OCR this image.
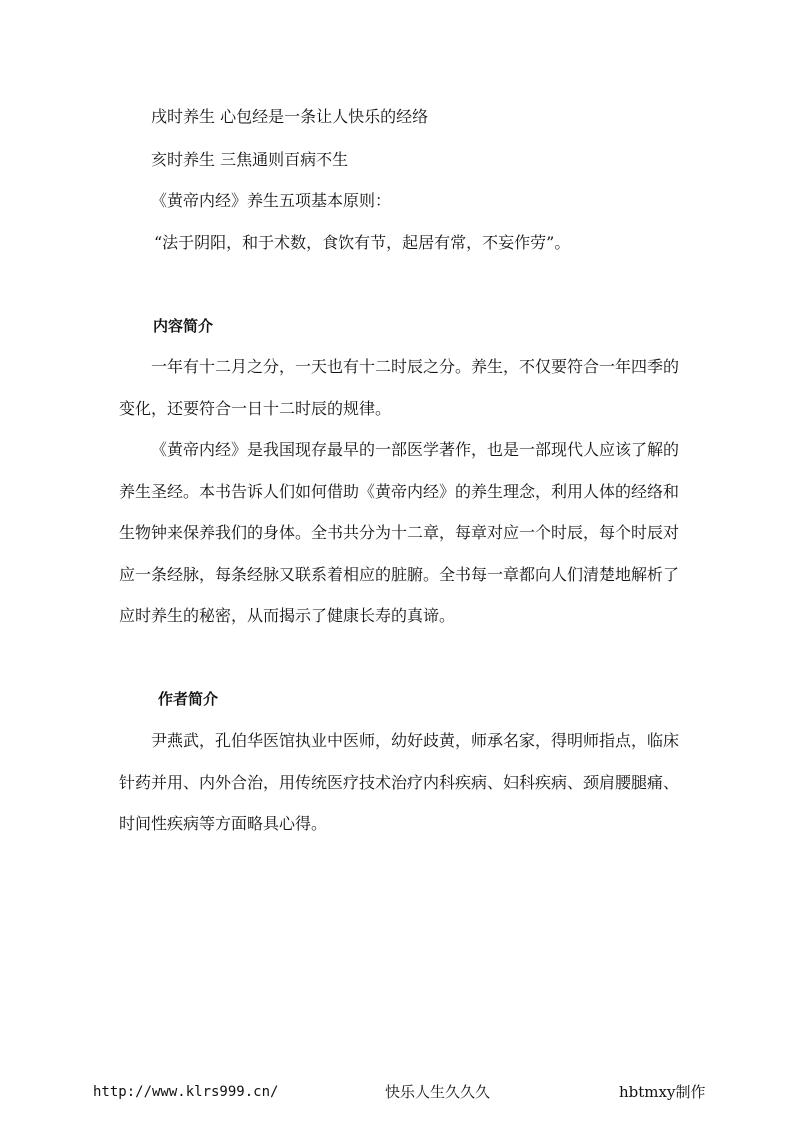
戌时养生 心包经是一条让人快乐的经络
亥时养生 三焦通则百病不生
《黄帝内经》养生五项基本原则：
“法于阴阳，和于术数，食饮有节，起居有常，不妄作劳”。
内容简介
一年有十二月之分，一天也有十二时辰之分。养生，不仅要符合一年四季的
变化，还要符合一日十二时辰的规律。
《黄帝内经》是我国现存最早的一部医学著作，也是一部现代人应该了解的
养生圣经。本书告诉人们如何借助《黄帝内经》的养生理念，利用人体的经络和
生物钟来保养我们的身体。全书共分为十二章，每章对应一个时辰，每个时辰对
应一条经脉，每条经脉又联系着相应的脏腑。全书每一章都向人们清楚地解析了
应时养生的秘密，从而揭示了健康长寿的真谛。
作者简介
尹燕武，孔伯华医馆执业中医师，幼好歧黄，师承名家，得明师指点，临床
针药并用、内外合治，用传统医疗技术治疗内科疾病、妇科疾病、颈肩腰腿痛、
时间性疾病等方面略具心得。
http://www.klrs999.cn/	快乐人生久久久	hbtmxy制作
